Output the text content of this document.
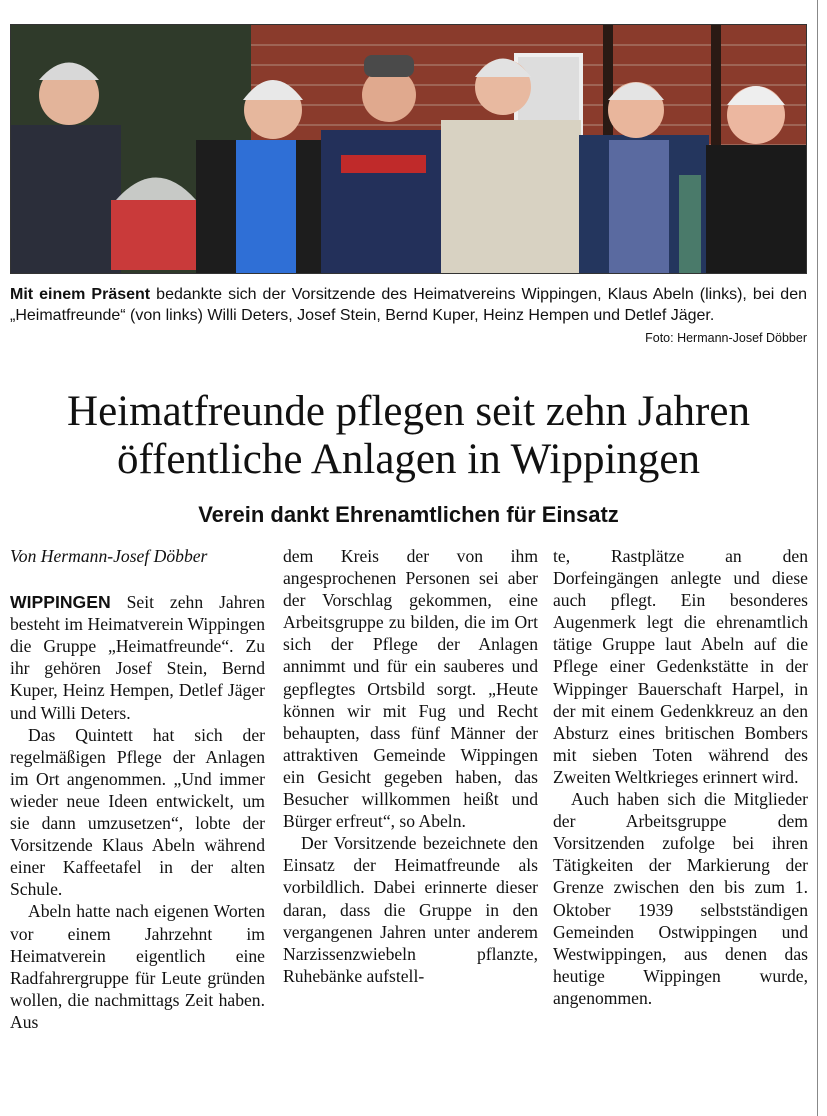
Mit einem Präsent bedankte sich der Vorsitzende des Heimatvereins Wippingen, Klaus Abeln (links), bei den „Heimatfreunde“ (von links) Willi Deters, Josef Stein, Bernd Kuper, Heinz Hempen und Detlef Jäger.
Foto: Hermann-Josef Döbber
Heimatfreunde pflegen seit zehn Jahren
öffentliche Anlagen in Wippingen
Verein dankt Ehrenamtlichen für Einsatz

Von Hermann-Josef Döbber

WIPPINGEN Seit zehn Jahren besteht im Heimatverein Wippingen die Gruppe „Heimatfreunde“. Zu ihr gehören Josef Stein, Bernd Kuper, Heinz Hempen, Detlef Jäger und Willi Deters.

Das Quintett hat sich der regelmäßigen Pflege der Anlagen im Ort angenommen. „Und immer wieder neue Ideen entwickelt, um sie dann umzusetzen“, lobte der Vorsitzende Klaus Abeln während einer Kaffeetafel in der alten Schule.

Abeln hatte nach eigenen Worten vor einem Jahrzehnt im Heimatverein eigentlich eine Radfahrergruppe für Leute gründen wollen, die nachmittags Zeit haben. Aus

dem Kreis der von ihm angesprochenen Personen sei aber der Vorschlag gekommen, eine Arbeitsgruppe zu bilden, die im Ort sich der Pflege der Anlagen annimmt und für ein sauberes und gepflegtes Ortsbild sorgt. „Heute können wir mit Fug und Recht behaupten, dass fünf Männer der attraktiven Gemeinde Wippingen ein Gesicht gegeben haben, das Besucher willkommen heißt und Bürger erfreut“, so Abeln.

Der Vorsitzende bezeichnete den Einsatz der Heimatfreunde als vorbildlich. Dabei erinnerte dieser daran, dass die Gruppe in den vergangenen Jahren unter anderem Narzissenzwiebeln pflanzte, Ruhebänke aufstell-

te, Rastplätze an den Dorfeingängen anlegte und diese auch pflegt. Ein besonderes Augenmerk legt die ehrenamtlich tätige Gruppe laut Abeln auf die Pflege einer Gedenkstätte in der Wippinger Bauerschaft Harpel, in der mit einem Gedenkkreuz an den Absturz eines britischen Bombers mit sieben Toten während des Zweiten Weltkrieges erinnert wird.

Auch haben sich die Mitglieder der Arbeitsgruppe dem Vorsitzenden zufolge bei ihren Tätigkeiten der Markierung der Grenze zwischen den bis zum 1. Oktober 1939 selbstständigen Gemeinden Ostwippingen und Westwippingen, aus denen das heutige Wippingen wurde, angenommen.
